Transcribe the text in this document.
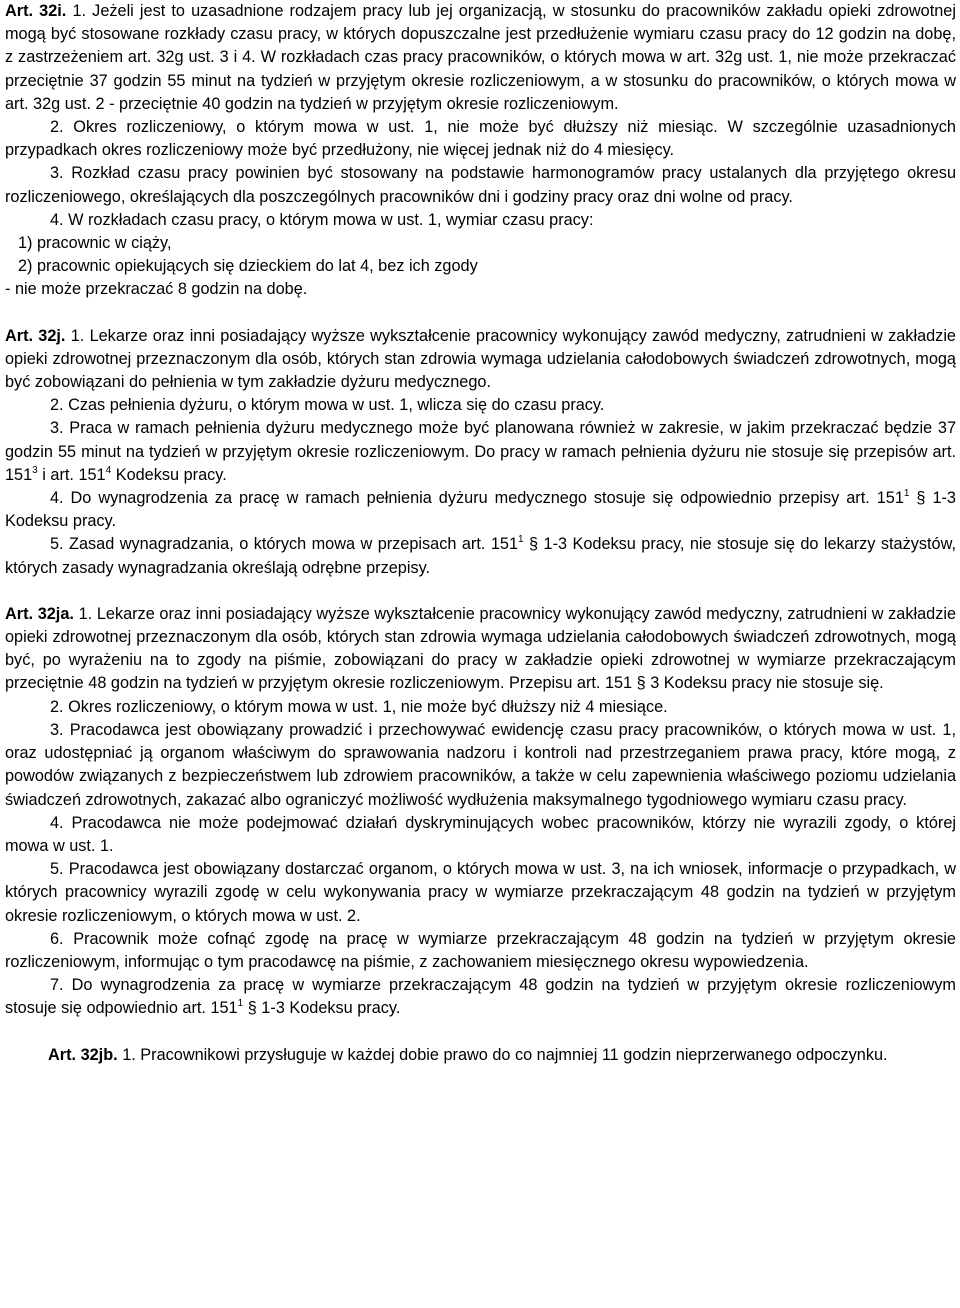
Art. 32i. 1. Jeżeli jest to uzasadnione rodzajem pracy lub jej organizacją, w stosunku do pracowników zakładu opieki zdrowotnej mogą być stosowane rozkłady czasu pracy, w których dopuszczalne jest przedłużenie wymiaru czasu pracy do 12 godzin na dobę, z zastrzeżeniem art. 32g ust. 3 i 4. W rozkładach czas pracy pracowników, o których mowa w art. 32g ust. 1, nie może przekraczać przeciętnie 37 godzin 55 minut na tydzień w przyjętym okresie rozliczeniowym, a w stosunku do pracowników, o których mowa w art. 32g ust. 2 - przeciętnie 40 godzin na tydzień w przyjętym okresie rozliczeniowym.

2. Okres rozliczeniowy, o którym mowa w ust. 1, nie może być dłuższy niż miesiąc. W szczególnie uzasadnionych przypadkach okres rozliczeniowy może być przedłużony, nie więcej jednak niż do 4 miesięcy.

3. Rozkład czasu pracy powinien być stosowany na podstawie harmonogramów pracy ustalanych dla przyjętego okresu rozliczeniowego, określających dla poszczególnych pracowników dni i godziny pracy oraz dni wolne od pracy.

4. W rozkładach czasu pracy, o którym mowa w ust. 1, wymiar czasu pracy:

1) pracownic w ciąży,

2) pracownic opiekujących się dzieckiem do lat 4, bez ich zgody

- nie może przekraczać 8 godzin na dobę.

Art. 32j. 1. Lekarze oraz inni posiadający wyższe wykształcenie pracownicy wykonujący zawód medyczny, zatrudnieni w zakładzie opieki zdrowotnej przeznaczonym dla osób, których stan zdrowia wymaga udzielania całodobowych świadczeń zdrowotnych, mogą być zobowiązani do pełnienia w tym zakładzie dyżuru medycznego.

2. Czas pełnienia dyżuru, o którym mowa w ust. 1, wlicza się do czasu pracy.

3. Praca w ramach pełnienia dyżuru medycznego może być planowana również w zakresie, w jakim przekraczać będzie 37 godzin 55 minut na tydzień w przyjętym okresie rozliczeniowym. Do pracy w ramach pełnienia dyżuru nie stosuje się przepisów art. $151^3$ i art. $151^4$ Kodeksu pracy.

4. Do wynagrodzenia za pracę w ramach pełnienia dyżuru medycznego stosuje się odpowiednio przepisy art. $151^1$ § 1-3 Kodeksu pracy.

5. Zasad wynagradzania, o których mowa w przepisach art. $151^1$ § 1-3 Kodeksu pracy, nie stosuje się do lekarzy stażystów, których zasady wynagradzania określają odrębne przepisy.

Art. 32ja. 1. Lekarze oraz inni posiadający wyższe wykształcenie pracownicy wykonujący zawód medyczny, zatrudnieni w zakładzie opieki zdrowotnej przeznaczonym dla osób, których stan zdrowia wymaga udzielania całodobowych świadczeń zdrowotnych, mogą być, po wyrażeniu na to zgody na piśmie, zobowiązani do pracy w zakładzie opieki zdrowotnej w wymiarze przekraczającym przeciętnie 48 godzin na tydzień w przyjętym okresie rozliczeniowym. Przepisu art. 151 § 3 Kodeksu pracy nie stosuje się.

2. Okres rozliczeniowy, o którym mowa w ust. 1, nie może być dłuższy niż 4 miesiące.

3. Pracodawca jest obowiązany prowadzić i przechowywać ewidencję czasu pracy pracowników, o których mowa w ust. 1, oraz udostępniać ją organom właściwym do sprawowania nadzoru i kontroli nad przestrzeganiem prawa pracy, które mogą, z powodów związanych z bezpieczeństwem lub zdrowiem pracowników, a także w celu zapewnienia właściwego poziomu udzielania świadczeń zdrowotnych, zakazać albo ograniczyć możliwość wydłużenia maksymalnego tygodniowego wymiaru czasu pracy.

4. Pracodawca nie może podejmować działań dyskryminujących wobec pracowników, którzy nie wyrazili zgody, o której mowa w ust. 1.

5. Pracodawca jest obowiązany dostarczać organom, o których mowa w ust. 3, na ich wniosek, informacje o przypadkach, w których pracownicy wyrazili zgodę w celu wykonywania pracy w wymiarze przekraczającym 48 godzin na tydzień w przyjętym okresie rozliczeniowym, o których mowa w ust. 2.

6. Pracownik może cofnąć zgodę na pracę w wymiarze przekraczającym 48 godzin na tydzień w przyjętym okresie rozliczeniowym, informując o tym pracodawcę na piśmie, z zachowaniem miesięcznego okresu wypowiedzenia.

7. Do wynagrodzenia za pracę w wymiarze przekraczającym 48 godzin na tydzień w przyjętym okresie rozliczeniowym stosuje się odpowiednio art. $151^1$ § 1-3 Kodeksu pracy.

Art. 32jb. 1. Pracownikowi przysługuje w każdej dobie prawo do co najmniej 11 godzin nieprzerwanego odpoczynku.
